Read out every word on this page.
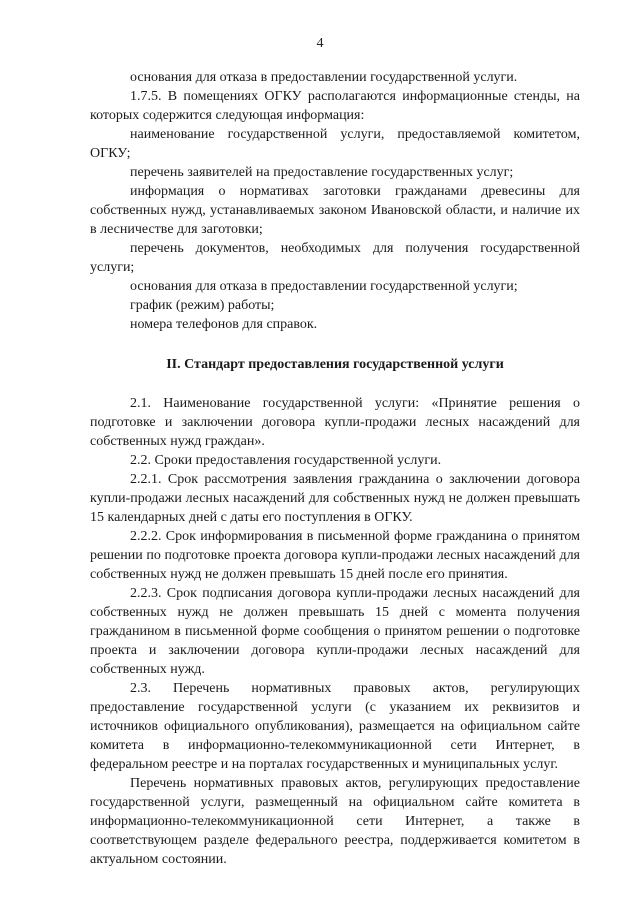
4

основания для отказа в предоставлении государственной услуги.

1.7.5. В помещениях ОГКУ располагаются информационные стенды, на которых содержится следующая информация:

наименование государственной услуги, предоставляемой комитетом, ОГКУ;

перечень заявителей на предоставление государственных услуг;

информация о нормативах заготовки гражданами древесины для собственных нужд, устанавливаемых законом Ивановской области, и наличие их в лесничестве для заготовки;

перечень документов, необходимых для получения государственной услуги;

основания для отказа в предоставлении государственной услуги;

график (режим) работы;

номера телефонов для справок.

II. Стандарт предоставления государственной услуги

2.1. Наименование государственной услуги: «Принятие решения о подготовке и заключении договора купли-продажи лесных насаждений для собственных нужд граждан».

2.2. Сроки предоставления государственной услуги.

2.2.1. Срок рассмотрения заявления гражданина о заключении договора купли-продажи лесных насаждений для собственных нужд не должен превышать 15 календарных дней с даты его поступления в ОГКУ.

2.2.2. Срок информирования в письменной форме гражданина о принятом решении по подготовке проекта договора купли-продажи лесных насаждений для собственных нужд не должен превышать 15 дней после его принятия.

2.2.3. Срок подписания договора купли-продажи лесных насаждений для собственных нужд не должен превышать 15 дней с момента получения гражданином в письменной форме сообщения о принятом решении о подготовке проекта и заключении договора купли-продажи лесных насаждений для собственных нужд.

2.3. Перечень нормативных правовых актов, регулирующих предоставление государственной услуги (с указанием их реквизитов и источников официального опубликования), размещается на официальном сайте комитета в информационно-телекоммуникационной сети Интернет, в федеральном реестре и на порталах государственных и муниципальных услуг.

Перечень нормативных правовых актов, регулирующих предоставление государственной услуги, размещенный на официальном сайте комитета в информационно-телекоммуникационной сети Интернет, а также в соответствующем разделе федерального реестра, поддерживается комитетом в актуальном состоянии.
